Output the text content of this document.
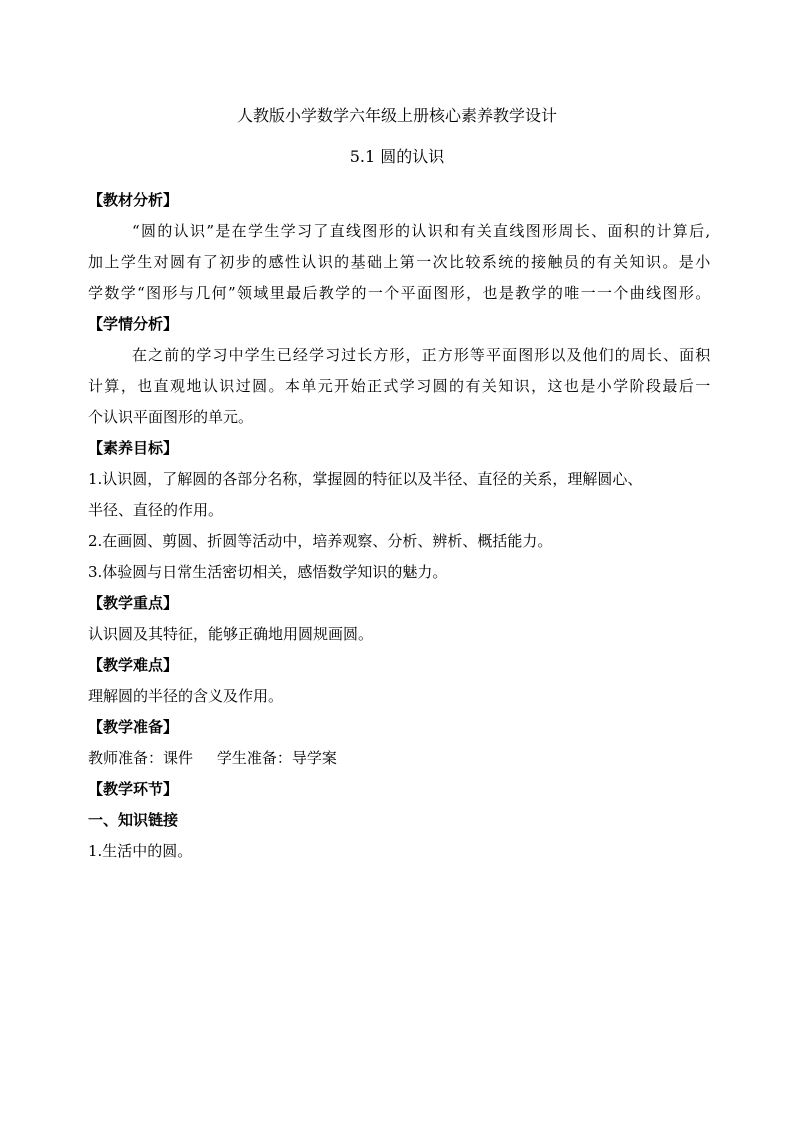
人教版小学数学六年级上册核心素养教学设计
5.1 圆的认识
【教材分析】
“圆的认识”是在学生学习了直线图形的认识和有关直线图形周长、面积的计算后,
加上学生对圆有了初步的感性认识的基础上第一次比较系统的接触员的有关知识。是小
学数学“图形与几何”领域里最后教学的一个平面图形，也是教学的唯一一个曲线图形。
【学情分析】
在之前的学习中学生已经学习过长方形，正方形等平面图形以及他们的周长、面积
计算，也直观地认识过圆。本单元开始正式学习圆的有关知识，这也是小学阶段最后一
个认识平面图形的单元。
【素养目标】
1.认识圆，了解圆的各部分名称，掌握圆的特征以及半径、直径的关系，理解圆心、
半径、直径的作用。
2.在画圆、剪圆、折圆等活动中，培养观察、分析、辨析、概括能力。
3.体验圆与日常生活密切相关，感悟数学知识的魅力。
【教学重点】
认识圆及其特征，能够正确地用圆规画圆。
【教学难点】
理解圆的半径的含义及作用。
【教学准备】
教师准备：课件     学生准备：导学案
【教学环节】
一、知识链接
1.生活中的圆。
